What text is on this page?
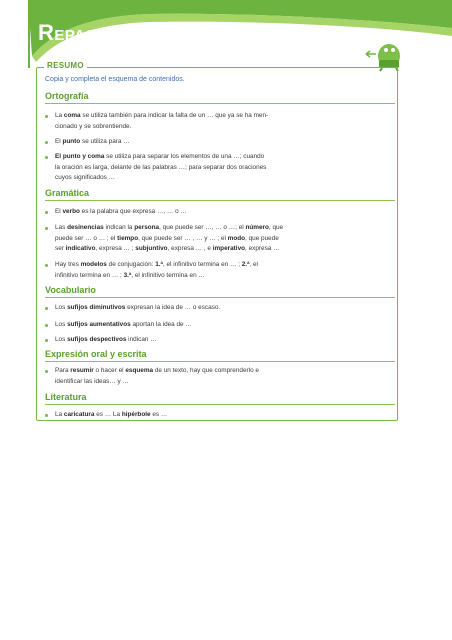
REPASO DE LA UNIDAD
RESUMO
Copia y completa el esquema de contenidos.
Ortografía
La coma se utiliza también para indicar la falta de un … que ya se ha men-
cionado y se sobrentiende.
El punto se utiliza para …
El punto y coma se utiliza para separar los elementos de una …; cuando
la oración es larga, delante de las palabras …; para separar dos oraciones
cuyos significados …
Gramática
El verbo es la palabra que expresa …, … o …
Las desinencias indican la persona, que puede ser …, … o …; el número, que
puede ser … o … ; el tiempo, que puede ser … , … y … ; el modo, que puede
ser indicativo, expresa … ; subjuntivo, expresa … , e imperativo, expresa …
Hay tres modelos de conjugación: 1.ª, el infinitivo termina en … ; 2.ª, el
infinitivo termina en … ; 3.ª, el infinitivo termina en …
Vocabulario
Los sufijos diminutivos expresan la idea de … o escaso.
Los sufijos aumentativos aportan la idea de …
Los sufijos despectivos indican …
Expresión oral y escrita
Para resumir o hacer el esquema de un texto, hay que comprenderlo e
identificar las ideas… y …
Literatura
La caricatura es … La hipérbole es …
